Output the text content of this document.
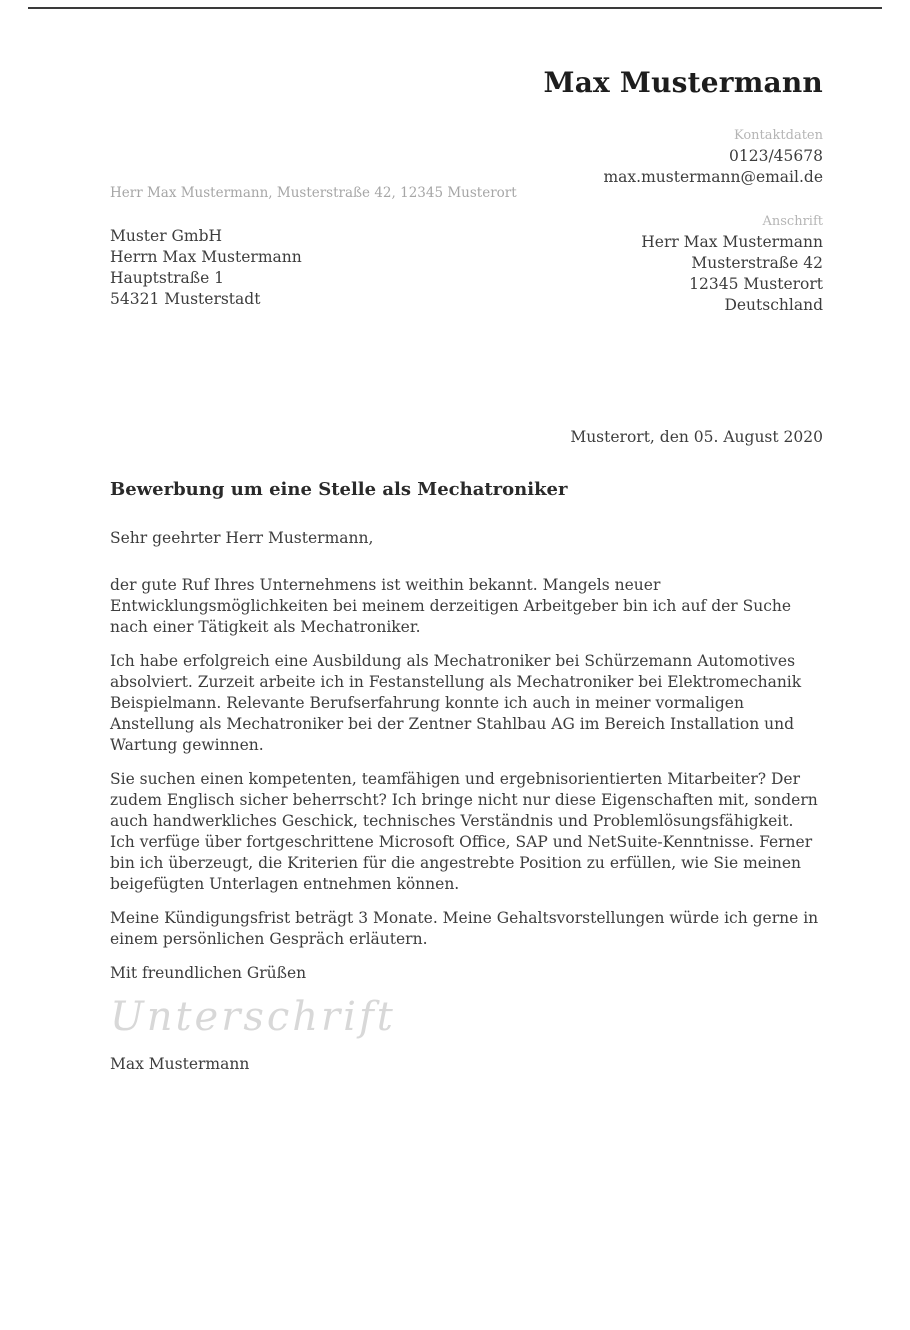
Max Mustermann
Kontaktdaten
0123/45678
max.mustermann@email.de
Herr Max Mustermann, Musterstraße 42, 12345 Musterort
Muster GmbH
Herrn Max Mustermann
Hauptstraße 1
54321 Musterstadt
Anschrift
Herr Max Mustermann
Musterstraße 42
12345 Musterort
Deutschland
Musterort, den 05. August 2020
Bewerbung um eine Stelle als Mechatroniker

Sehr geehrter Herr Mustermann,

der gute Ruf Ihres Unternehmens ist weithin bekannt. Mangels neuer Entwicklungsmöglichkeiten bei meinem derzeitigen Arbeitgeber bin ich auf der Suche nach einer Tätigkeit als Mechatroniker.

Ich habe erfolgreich eine Ausbildung als Mechatroniker bei Schürzemann Automotives absolviert. Zurzeit arbeite ich in Festanstellung als Mechatroniker bei Elektromechanik Beispielmann. Relevante Berufserfahrung konnte ich auch in meiner vormaligen Anstellung als Mechatroniker bei der Zentner Stahlbau AG im Bereich Installation und Wartung gewinnen.

Sie suchen einen kompetenten, teamfähigen und ergebnisorientierten Mitarbeiter? Der zudem Englisch sicher beherrscht? Ich bringe nicht nur diese Eigenschaften mit, sondern auch handwerkliches Geschick, technisches Verständnis und Problemlösungsfähigkeit. Ich verfüge über fortgeschrittene Microsoft Office, SAP und NetSuite-Kenntnisse. Ferner bin ich überzeugt, die Kriterien für die angestrebte Position zu erfüllen, wie Sie meinen beigefügten Unterlagen entnehmen können.

Meine Kündigungsfrist beträgt 3 Monate. Meine Gehaltsvorstellungen würde ich gerne in einem persönlichen Gespräch erläutern.

Mit freundlichen Grüßen

Unterschrift
Max Mustermann
